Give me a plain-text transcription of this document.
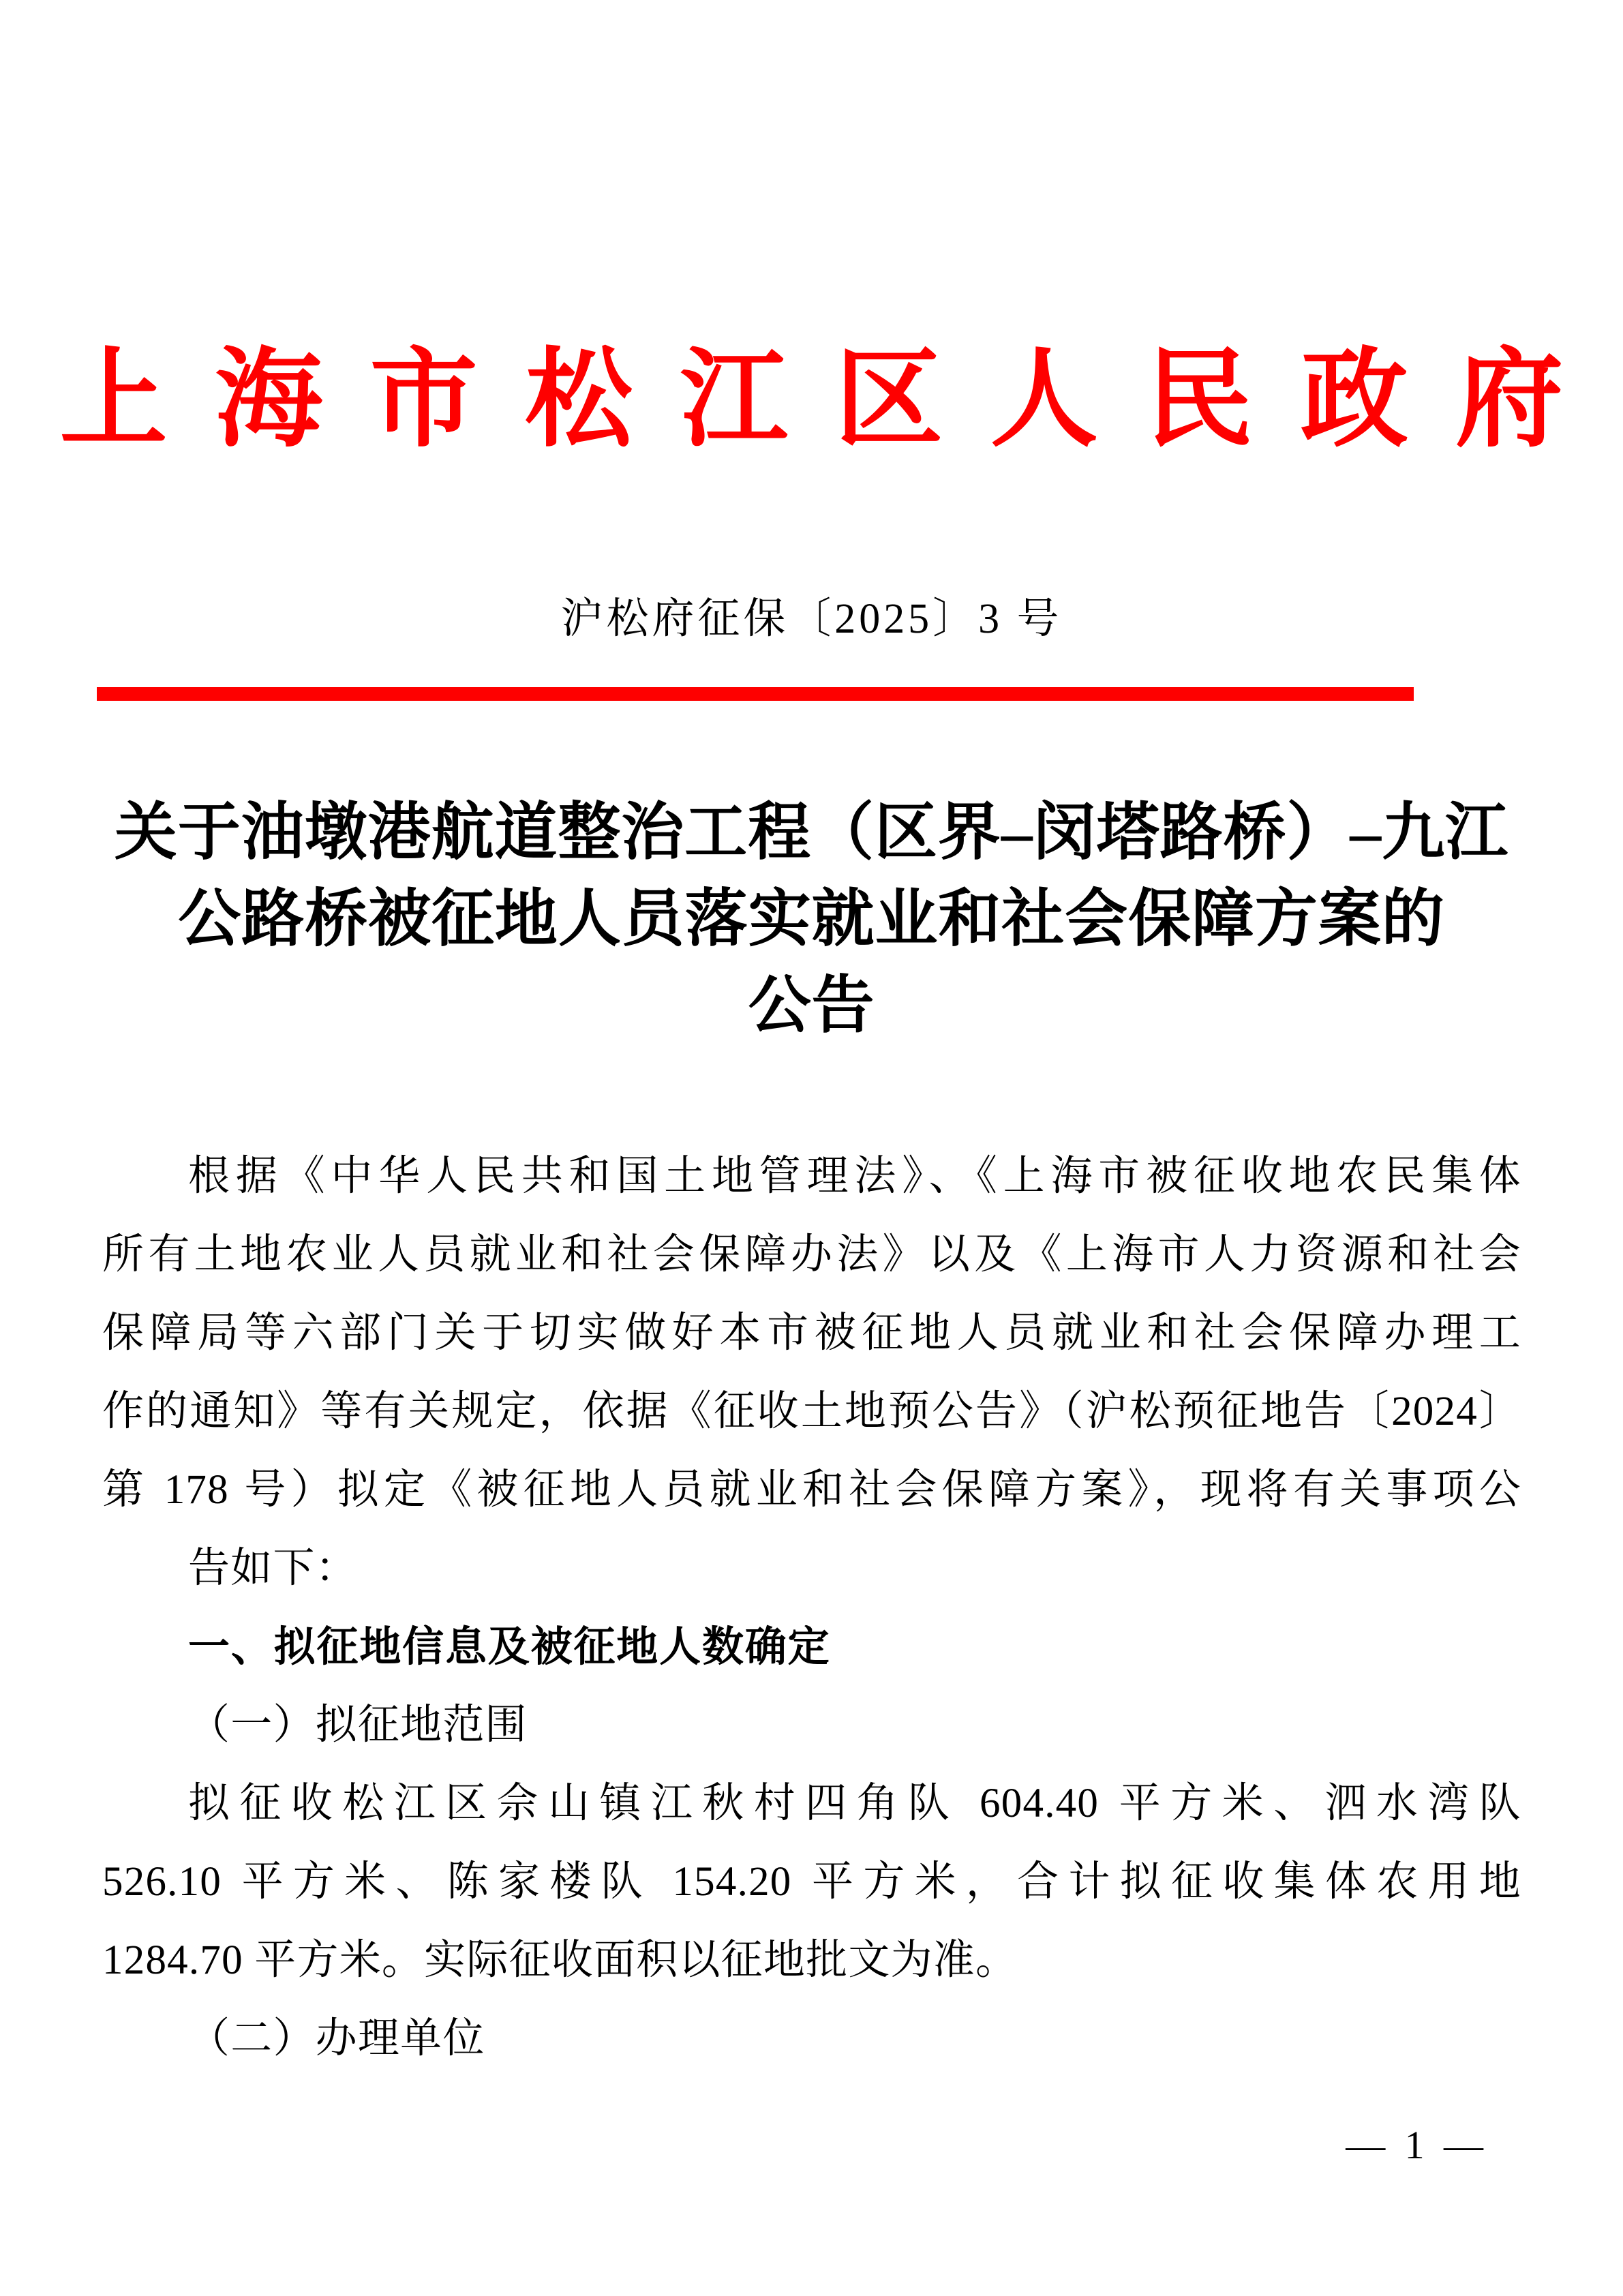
上海市松江区人民政府
沪松府征保〔2025〕3 号
关于油墩港航道整治工程（区界–闵塔路桥）–九江
公路桥被征地人员落实就业和社会保障方案的
公告
根据《中华人民共和国土地管理法》、《上海市被征收地农民集体
所有土地农业人员就业和社会保障办法》以及《上海市人力资源和社会
保障局等六部门关于切实做好本市被征地人员就业和社会保障办理工
作的通知》等有关规定，依据《征收土地预公告》（沪松预征地告〔2024〕
第 178 号）拟定《被征地人员就业和社会保障方案》，现将有关事项公
告如下：
一、拟征地信息及被征地人数确定
（一）拟征地范围
拟征收松江区佘山镇江秋村四角队 604.40 平方米、泗水湾队
526.10 平方米、陈家楼队 154.20 平方米，合计拟征收集体农用地
1284.70 平方米。实际征收面积以征地批文为准。
（二）办理单位
— 1 —
